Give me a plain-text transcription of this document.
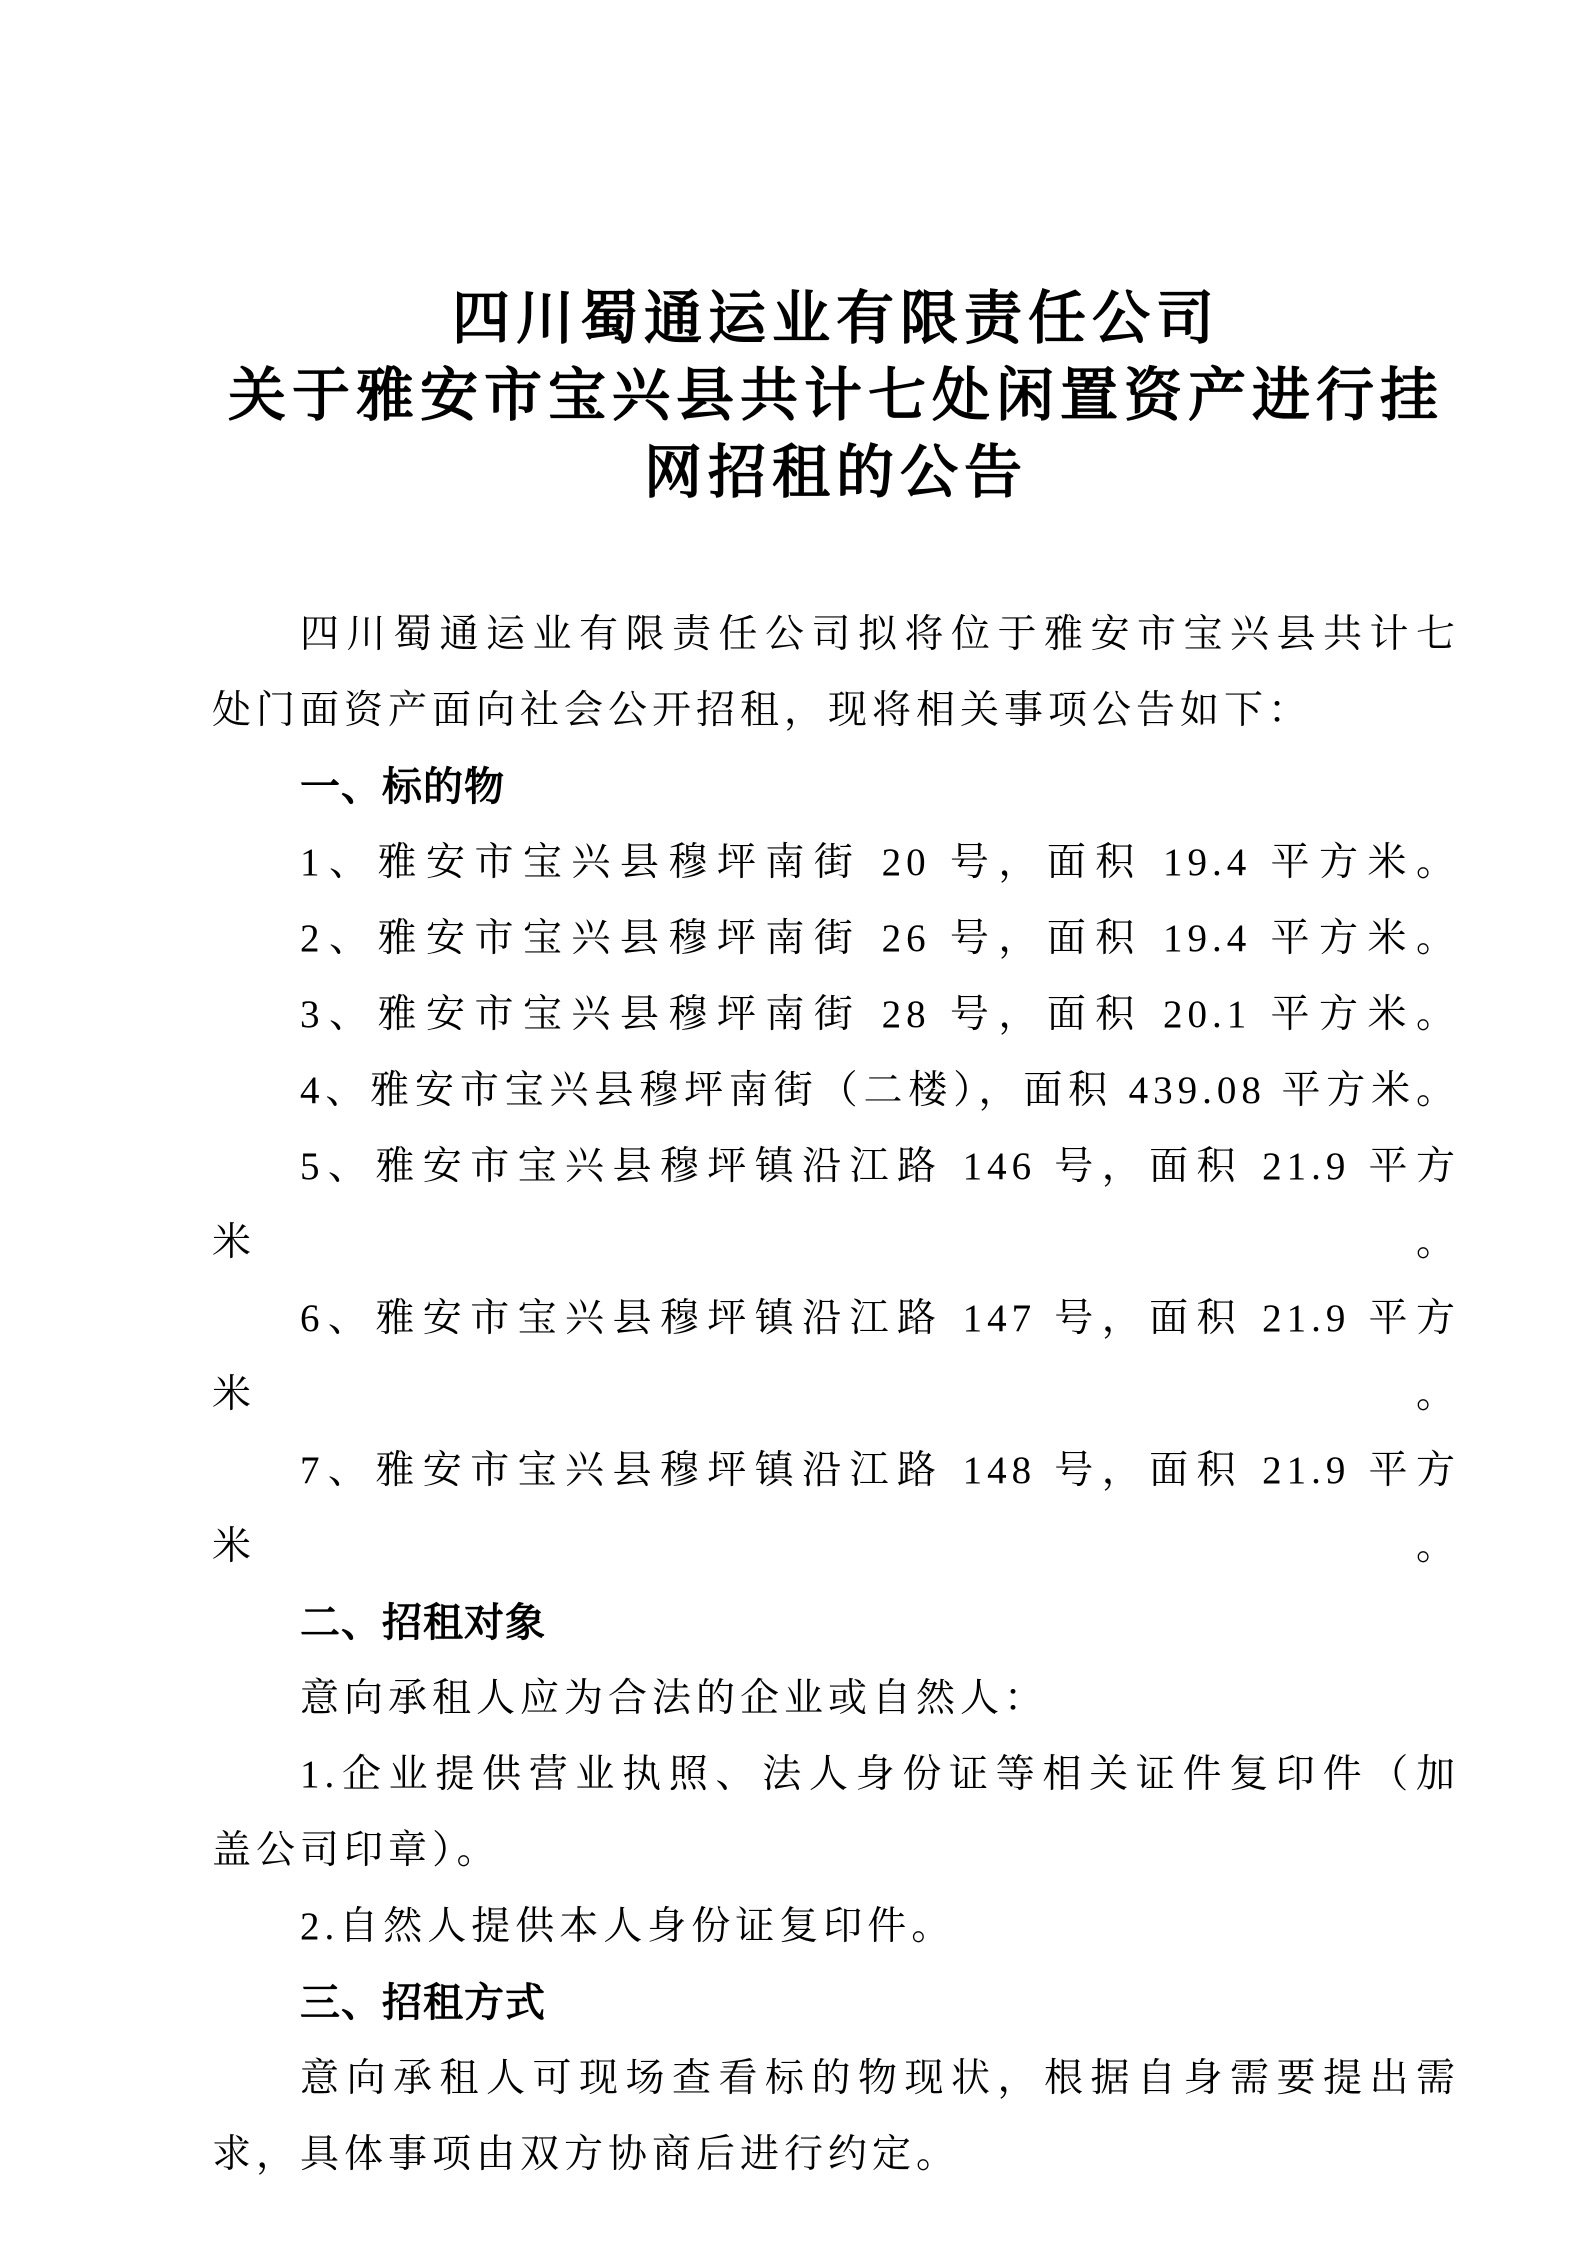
四川蜀通运业有限责任公司
关于雅安市宝兴县共计七处闲置资产进行挂
网招租的公告
四川蜀通运业有限责任公司拟将位于雅安市宝兴县共计七
处门面资产面向社会公开招租，现将相关事项公告如下：
一、标的物
1、雅安市宝兴县穆坪南街 20 号，面积 19.4 平方米。
2、雅安市宝兴县穆坪南街 26 号，面积 19.4 平方米。
3、雅安市宝兴县穆坪南街 28 号，面积 20.1 平方米。
4、雅安市宝兴县穆坪南街（二楼），面积 439.08 平方米。
5、雅安市宝兴县穆坪镇沿江路 146 号，面积 21.9 平方米。
6、雅安市宝兴县穆坪镇沿江路 147 号，面积 21.9 平方米。
7、雅安市宝兴县穆坪镇沿江路 148 号，面积 21.9 平方米。
二、招租对象
意向承租人应为合法的企业或自然人：
1.企业提供营业执照、法人身份证等相关证件复印件（加
盖公司印章）。
2.自然人提供本人身份证复印件。
三、招租方式
意向承租人可现场查看标的物现状，根据自身需要提出需
求，具体事项由双方协商后进行约定。
